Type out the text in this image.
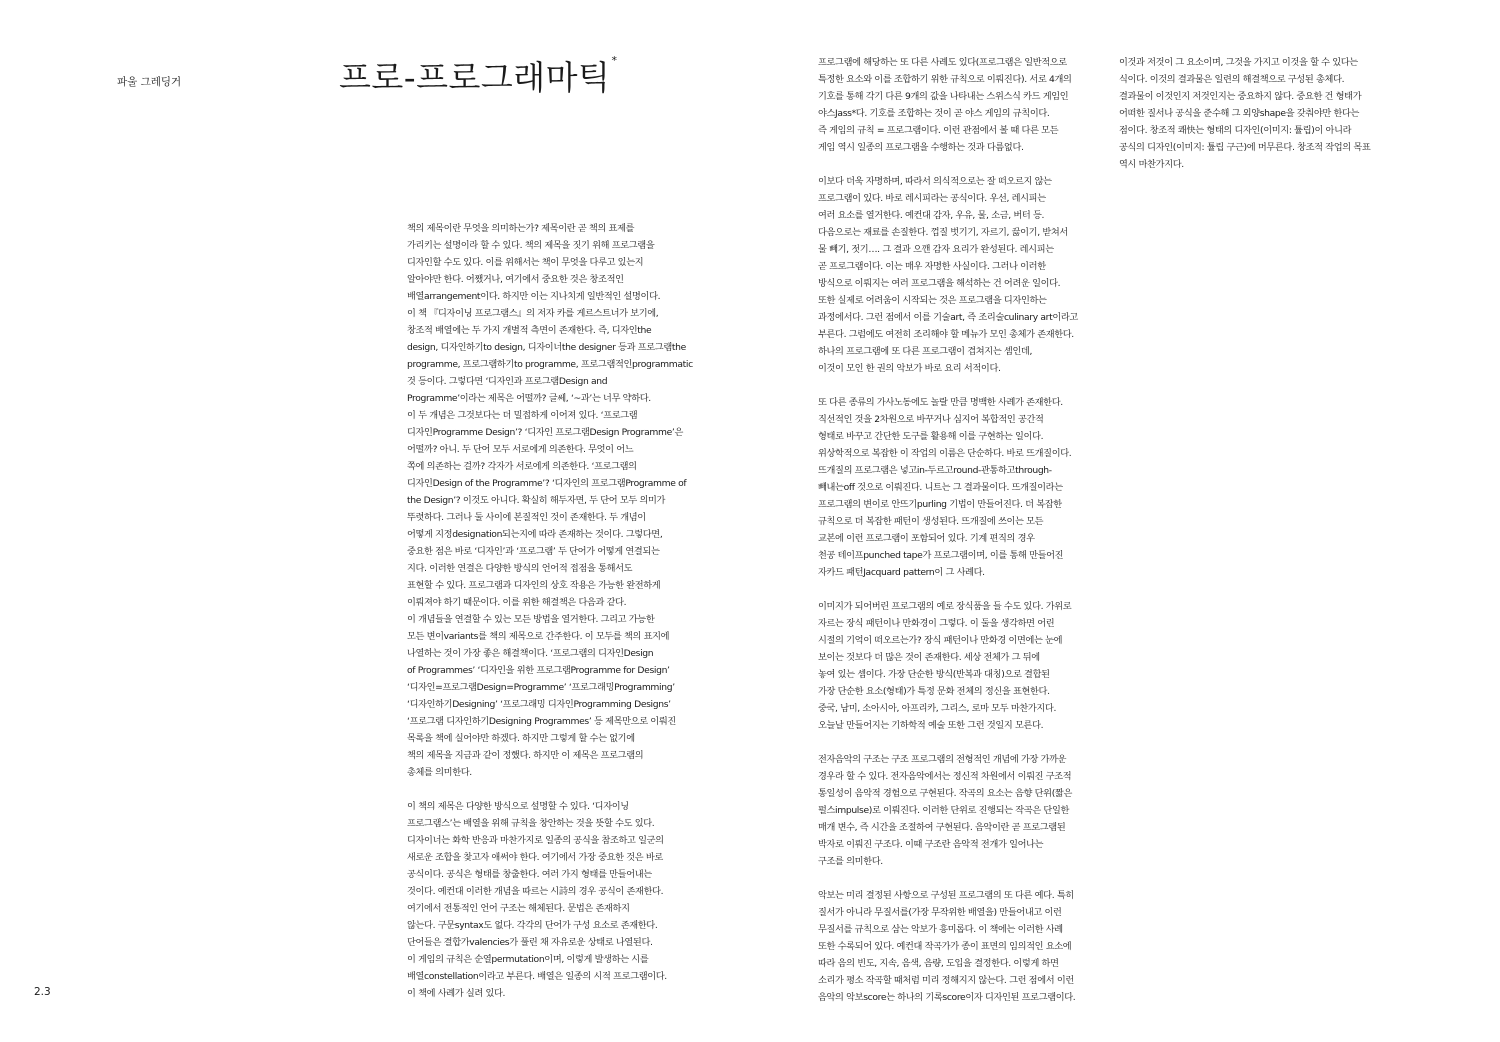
파울 그레딩거	프로-프로그래마틱*

책의 제목이란 무엇을 의미하는가? 제목이란 곧 책의 표제를
가리키는 설명이라 할 수 있다. 책의 제목을 짓기 위해 프로그램을
디자인할 수도 있다. 이를 위해서는 책이 무엇을 다루고 있는지
알아야만 한다. 어쨌거나, 여기에서 중요한 것은 창조적인
배열arrangement이다. 하지만 이는 지나치게 일반적인 설명이다.
이 책 『디자이닝 프로그램스』의 저자 카를 게르스트너가 보기에,
창조적 배열에는 두 가지 개별적 측면이 존재한다. 즉, 디자인the
design, 디자인하기to design, 디자이너the designer 등과 프로그램the
programme, 프로그램하기to programme, 프로그램적인programmatic
것 등이다. 그렇다면 ‘디자인과 프로그램Design and
Programme’이라는 제목은 어떨까? 글쎄, ‘~과’는 너무 약하다.
이 두 개념은 그것보다는 더 밀접하게 이어져 있다. ‘프로그램
디자인Programme Design’? ‘디자인 프로그램Design Programme’은
어떨까? 아니. 두 단어 모두 서로에게 의존한다. 무엇이 어느
쪽에 의존하는 걸까? 각자가 서로에게 의존한다. ‘프로그램의
디자인Design of the Programme’? ‘디자인의 프로그램Programme of
the Design’? 이것도 아니다. 확실히 해두자면, 두 단어 모두 의미가
뚜렷하다. 그러나 둘 사이에 본질적인 것이 존재한다. 두 개념이
어떻게 지정designation되는지에 따라 존재하는 것이다. 그렇다면,
중요한 점은 바로 ‘디자인’과 ‘프로그램’ 두 단어가 어떻게 연결되는
지다. 이러한 연결은 다양한 방식의 언어적 접점을 통해서도
표현할 수 있다. 프로그램과 디자인의 상호 작용은 가능한 완전하게
이뤄져야 하기 때문이다. 이를 위한 해결책은 다음과 같다.
이 개념들을 연결할 수 있는 모든 방법을 열거한다. 그리고 가능한
모든 변이variants를 책의 제목으로 간주한다. 이 모두를 책의 표지에
나열하는 것이 가장 좋은 해결책이다. ‘프로그램의 디자인Design
of Programmes’ ‘디자인을 위한 프로그램Programme for Design’
‘디자인=프로그램Design=Programme’ ‘프로그래밍Programming’
‘디자인하기Designing’ ‘프로그래밍 디자인Programming Designs’
‘프로그램 디자인하기Designing Programmes’ 등 제목만으로 이뤄진
목록을 책에 실어야만 하겠다. 하지만 그렇게 할 수는 없기에
책의 제목을 지금과 같이 정했다. 하지만 이 제목은 프로그램의
총체를 의미한다.

이 책의 제목은 다양한 방식으로 설명할 수 있다. ‘디자이닝
프로그램스’는 배열을 위해 규칙을 창안하는 것을 뜻할 수도 있다.
디자이너는 화학 반응과 마찬가지로 일종의 공식을 참조하고 일군의
새로운 조합을 찾고자 애써야 한다. 여기에서 가장 중요한 것은 바로
공식이다. 공식은 형태를 창출한다. 여러 가지 형태를 만들어내는
것이다. 예컨대 이러한 개념을 따르는 시詩의 경우 공식이 존재한다.
여기에서 전통적인 언어 구조는 해체된다. 문법은 존재하지
않는다. 구문syntax도 없다. 각각의 단어가 구성 요소로 존재한다.
단어들은 결합가valencies가 풀린 채 자유로운 상태로 나열된다.
이 게임의 규칙은 순열permutation이며, 이렇게 발생하는 시를
배열constellation이라고 부른다. 배열은 일종의 시적 프로그램이다.
이 책에 사례가 실려 있다.

프로그램에 해당하는 또 다른 사례도 있다(프로그램은 일반적으로
특정한 요소와 이를 조합하기 위한 규칙으로 이뤄진다). 서로 4개의
기호를 통해 각기 다른 9개의 값을 나타내는 스위스식 카드 게임인
야스Jass*다. 기호를 조합하는 것이 곧 야스 게임의 규칙이다.
즉 게임의 규칙 = 프로그램이다. 이런 관점에서 볼 때 다른 모든
게임 역시 일종의 프로그램을 수행하는 것과 다름없다.

이보다 더욱 자명하며, 따라서 의식적으로는 잘 떠오르지 않는
프로그램이 있다. 바로 레시피라는 공식이다. 우선, 레시피는
여러 요소를 열거한다. 예컨대 감자, 우유, 물, 소금, 버터 등.
다음으로는 재료를 손질한다. 껍질 벗기기, 자르기, 끓이기, 받쳐서
물 빼기, 젓기…. 그 결과 으깬 감자 요리가 완성된다. 레시피는
곧 프로그램이다. 이는 매우 자명한 사실이다. 그러나 이러한
방식으로 이뤄지는 여러 프로그램을 해석하는 건 어려운 일이다.
또한 실제로 어려움이 시작되는 것은 프로그램을 디자인하는
과정에서다. 그런 점에서 이를 기술art, 즉 조리술culinary art이라고
부른다. 그럼에도 여전히 조리해야 할 메뉴가 모인 총체가 존재한다.
하나의 프로그램에 또 다른 프로그램이 겹쳐지는 셈인데,
이것이 모인 한 권의 악보가 바로 요리 서적이다.

또 다른 종류의 가사노동에도 놀랄 만큼 명백한 사례가 존재한다.
직선적인 것을 2차원으로 바꾸거나 심지어 복합적인 공간적
형태로 바꾸고 간단한 도구를 활용해 이를 구현하는 일이다.
위상학적으로 복잡한 이 작업의 이름은 단순하다. 바로 뜨개질이다.
뜨개질의 프로그램은 넣고in-두르고round-관통하고through-
빼내는off 것으로 이뤄진다. 니트는 그 결과물이다. 뜨개질이라는
프로그램의 변이로 안뜨기purling 기법이 만들어진다. 더 복잡한
규칙으로 더 복잡한 패턴이 생성된다. 뜨개질에 쓰이는 모든
교본에 이런 프로그램이 포함되어 있다. 기계 편직의 경우
천공 테이프punched tape가 프로그램이며, 이를 통해 만들어진
자카드 패턴Jacquard pattern이 그 사례다.

이미지가 되어버린 프로그램의 예로 장식품을 들 수도 있다. 가위로
자르는 장식 패턴이나 만화경이 그렇다. 이 둘을 생각하면 어린
시절의 기억이 떠오르는가? 장식 패턴이나 만화경 이면에는 눈에
보이는 것보다 더 많은 것이 존재한다. 세상 전체가 그 뒤에
놓여 있는 셈이다. 가장 단순한 방식(반복과 대칭)으로 결합된
가장 단순한 요소(형태)가 특정 문화 전체의 정신을 표현한다.
중국, 남미, 소아시아, 아프리카, 그리스, 로마 모두 마찬가지다.
오늘날 만들어지는 기하학적 예술 또한 그런 것일지 모른다.

전자음악의 구조는 구조 프로그램의 전형적인 개념에 가장 가까운
경우라 할 수 있다. 전자음악에서는 정신적 차원에서 이뤄진 구조적
통일성이 음악적 경험으로 구현된다. 작곡의 요소는 음향 단위(짧은
펄스impulse)로 이뤄진다. 이러한 단위로 진행되는 작곡은 단일한
매개 변수, 즉 시간을 조절하여 구현된다. 음악이란 곧 프로그램된
박자로 이뤄진 구조다. 이때 구조란 음악적 전개가 일어나는
구조를 의미한다.

악보는 미리 결정된 사항으로 구성된 프로그램의 또 다른 예다. 특히
질서가 아니라 무질서를(가장 무작위한 배열을) 만들어내고 이런
무질서를 규칙으로 삼는 악보가 흥미롭다. 이 책에는 이러한 사례
또한 수록되어 있다. 예컨대 작곡가가 종이 표면의 임의적인 요소에
따라 음의 빈도, 지속, 음색, 음량, 도입을 결정한다. 이렇게 하면
소리가 평소 작곡할 때처럼 미리 정해지지 않는다. 그런 점에서 이런
음악의 악보score는 하나의 기록score이자 디자인된 프로그램이다.

이것과 저것이 그 요소이며, 그것을 가지고 이것을 할 수 있다는
식이다. 이것의 결과물은 일련의 해결책으로 구성된 총체다.
결과물이 이것인지 저것인지는 중요하지 않다. 중요한 건 형태가
어떠한 질서나 공식을 준수해 그 외양shape을 갖춰야만 한다는
점이다. 창조적 쾌快는 형태의 디자인(이미지: 튤립)이 아니라
공식의 디자인(이미지: 튤립 구근)에 머무른다. 창조적 작업의 목표
역시 마찬가지다.

2.3
